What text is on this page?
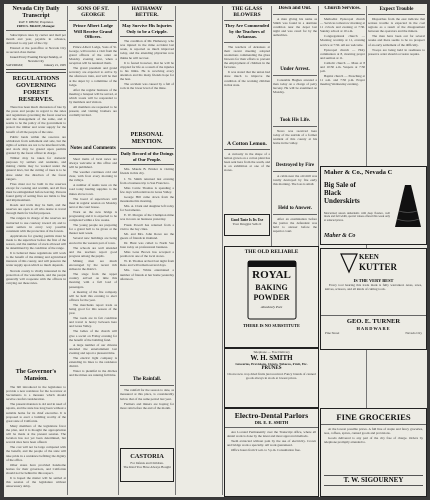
Nevada City Daily Transcript
RAY F. RHOW, Proprietor.
FRED S. BRADY, Manager.

Subscription rates by carrier and mail per month and year, payable in advance, delivered to any part of the city.

Entered at the postoffice at Nevada City as second-class matter.

Issued Every Evening Except Sunday, at Nevada City
SATURDAY,	January 21, 1905
REGULATIONS GOVERNING FOREST RESERVES.

There has been much discussion of late by the press and people in regard to the rules and regulations governing the forest reserves and the management of the same, and it seems to be the policy of the government to protect the timber and water supply for the benefit of all the people of the state.

Public lands within the reserves are withdrawn from settlement and sale, but the rights of settlers are not to be interfered with, and stock may be grazed upon permits granted by the forest officer in charge.

Timber may be taken for domestic purposes by settlers and residents, and mining claims may be worked under the general laws, but the cutting of trees is to be done under the direction of the forest rangers.

Fires must not be built in the reserves except for cooking and warmth, and all fires must be extinguished before leaving. Persons found guilty of setting fires are liable to fine and imprisonment.

Roads and trails may be built, and the reserves are open to all who desire to travel through them for lawful purposes.

The rangers in charge of the reserves are instructed to use courtesy toward all, and to assist settlers in every way possible consistent with the protection of the forests.

Applications for grazing permits must be made to the supervisor before the first of the season, and the number of stock allowed will be determined by the condition of the range.

It is believed these regulations will work to the benefit of the mining and agricultural interests of this county, and will preserve the water supply upon which so much depends.

Nevada county is vitally interested in the protection of the watersheds, and the people generally will cooperate with the officers in carrying out these rules.

The Governor's Mansion.

The bill introduced in the legislature to provide a new residence for the Governor at Sacramento is a measure which should receive careful consideration.

The present mansion is old and in need of repairs, and the state has long been without a suitable home for its chief executive. It is proposed to erect a building worthy of the great state of California.

Many members of the legislature favor the plan, and it is thought the appropriation will be made at the present session. The location has not yet been determined, but several sites have been offered.

The cost will not be large compared with the benefit, and the people of the state will take pride in a residence befitting the dignity of the office.

Other states have provided handsome homes for their governors, and California should not be behind in this respect.

It is hoped the matter will be settled at this session of the legislature without unnecessary delay.

SONS OF ST. GEORGE
Prince Albert Lodge Will Receive Grand Officers.

Prince Albert Lodge, Sons of St. George, will receive a visit from the grand officers of the order on Monday evening next, when a reception will be tendered them.

The grand president and grand secretary are expected to arrive by the afternoon train, and will be met at the depot by a committee of the lodge.

After the regular business of the meeting a banquet will be served, at which toasts will be responded to by members and visitors.

All members are requested to be present, and visiting brothers are cordially invited.

Notes and Comments

Short items of local news are always welcome at this office and will be published.

The weather continues cold and clear, with frost every morning in the valleys.

A number of teams were on the road today hauling supplies to the mines above town.

The board of supervisors will meet in regular session on Monday next at the court house.

Work on the new bridge is progressing and it is expected to be completed within a few weeks.

The young people are preparing for a grand ball to be given at the theater next week.

Several new buildings are being erected in the western part of town.

The schools are well attended and the teachers report good progress among the pupils.

Mining men are much encouraged by the recent rich strikes in the district.

The stage from the upper country arrived on time this morning with a full load of passengers.

A meeting of the fire company will be held this evening to elect officers for the year.

The merchants report trade as being good for this season of the year.

The roads are in fair condition and travel is heavy between here and Grass Valley.

The ladies of the church will give a social on Friday evening for the benefit of the building fund.

A large number of our citizens attended the entertainment last evening and report a pleasant time.

The electric light company is extending its lines to the residence district.

Water is plentiful in the ditches and the mines are running full time.

HATHAWAY BETTER.
May Survive His Injuries Only to be a Cripple.

The condition of Mr. Hathaway, who was injured in the mine accident last week, is reported as much improved today, and the attending physician now thinks he will recover.

It is feared however, that he will be crippled for life as a result of the injuries to his limbs. He is receiving every attention and his many friends hope for the best.

The accident was caused by a fall of rock in the lower level of the mine.

PERSONAL MENTION.
Daily Record of the Doings of Our People.

Mrs. Maude B. Ernsler is visiting friends in this city.

J. W. Smith returned last evening from a business trip to San Francisco.

Miss Carrie Thomas is spending a few days with relatives in Grass Valley.

George Hill came down from the mountains this morning.

Mrs. A. Clark and daughter left today for Sacramento.

E. W. Morgan of the Champion mine was in town on business yesterday.

Frank Powell has returned from a visit to the bay cities.

Mr. and Mrs. John Rowe are the guests of friends in Oakland.

Dr. Hunt was called to North San Juan today on professional business.

Miss Lena Brown has accepted a position in one of the local stores.

W. R. Thomas arrived last night from Reno and will remain several days.

Mrs. Geo. White entertained a number of friends at her home yesterday afternoon.

The Rainfall.

The rainfall for the season to date, as measured at this place, is considerably below that of the same period last year.

Farmers and miners are hoping for more rain before the end of the month.

CASTORIA
For Infants and Children.
The Kind You Have Always Bought
THE GLASS BLOWERS
They Are Commended by the Teachers of Arkansas.

The teachers of Arkansas at their recent meeting adopted resolutions commending the glass blowers for their efforts to prevent the employment of children in the factories.

It was stated that the union had done much to improve the condition of the working children in that state.

A Cotton Lemon.

A curiosity in the shape of a lemon grown on a cotton plant has been sent here from the south, and is on exhibition at one of the stores.

Good Taste Is Its Use
Your Druggist Sells It
Down and Out.

A man giving his name as Smith was found in a destitute condition near the depot last night and was cared for by the authorities.

Under Arrest.

Constable Hughes arrested a man today on a charge of petty larceny. He will be examined on Monday.

Took His Life.

News was received here today of the suicide of a former resident of this county at his home in the valley.

Destroyed by Fire

A cabin near the old mill was totally destroyed by fire early this morning. The loss is small.

Held to Answer.

After an examination before the justice the defendant was held to answer before the superior court.

Church Services.

Methodist Episcopal church — Services tomorrow morning at 11 o'clock and evening at 7:30. Sunday school at 10 a.m.

Congregational church — Morning worship at 11, evening service at 7:30. All are welcome.

Episcopal church — Holy communion at 8, morning prayer and sermon at 11.

Catholic church — Mass at 8 and 10:30 a.m. Vespers at 7:30 p.m.

Baptist church — Preaching at 11 a.m. and 7:30 p.m. Prayer meeting Wednesday evening.

Expect Trouble

Dispatches from the east indicate that serious trouble is expected in the coal regions as a result of the disagreement between the operators and the miners.

The men have been out for several weeks and there seems to be no prospect of an early settlement of the difficulty.

Troops are being held in readiness to preserve order should occasion require.

Maher & Co., Nevada C
Big Sale of
Black
Underskirts
Mercerized sateen underskirts with deep flounce, well made and full width, special values offered this week only at reduced prices.
Maher & Co
THE OLD RELIABLE
ROYAL
BAKING
POWDER
Absolutely Pure
THERE IS NO SUBSTITUTE
Telephone — Free Delivery
W. H. SMITH
Groceries, Provisions, Cigars, Tobacco, Fruit, Etc.
PRUNES
Choice new crop dried fruits just received. Fancy brands of canned goods always in stock at lowest prices.
Electro-Dental Parlors
DR. E. E. SMITH

Are Located Permanently over the Transcript office, where all dental work is done by the latest and most approved methods.

Teeth extracted without pain by the use of electricity. Crown and bridge work a specialty. All work guaranteed.

Office hours from 9 a.m. to 5 p.m. Consultation free.

KEEN
KUTTER
IS THE VERY BEST

Every tool bearing this trade mark is fully warranted. Axes, saws, knives, scissors, and all kinds of cutting tools.

GEO. E. TURNER
HARDWARE
Pine Street	Nevada City
FINE GROCERIES

At the lowest possible prices. A full line of staple and fancy groceries, teas, coffees, spices, canned goods and provisions.

Goods delivered to any part of the city free of charge. Orders by telephone promptly attended to.

T. W. SIGOURNEY
